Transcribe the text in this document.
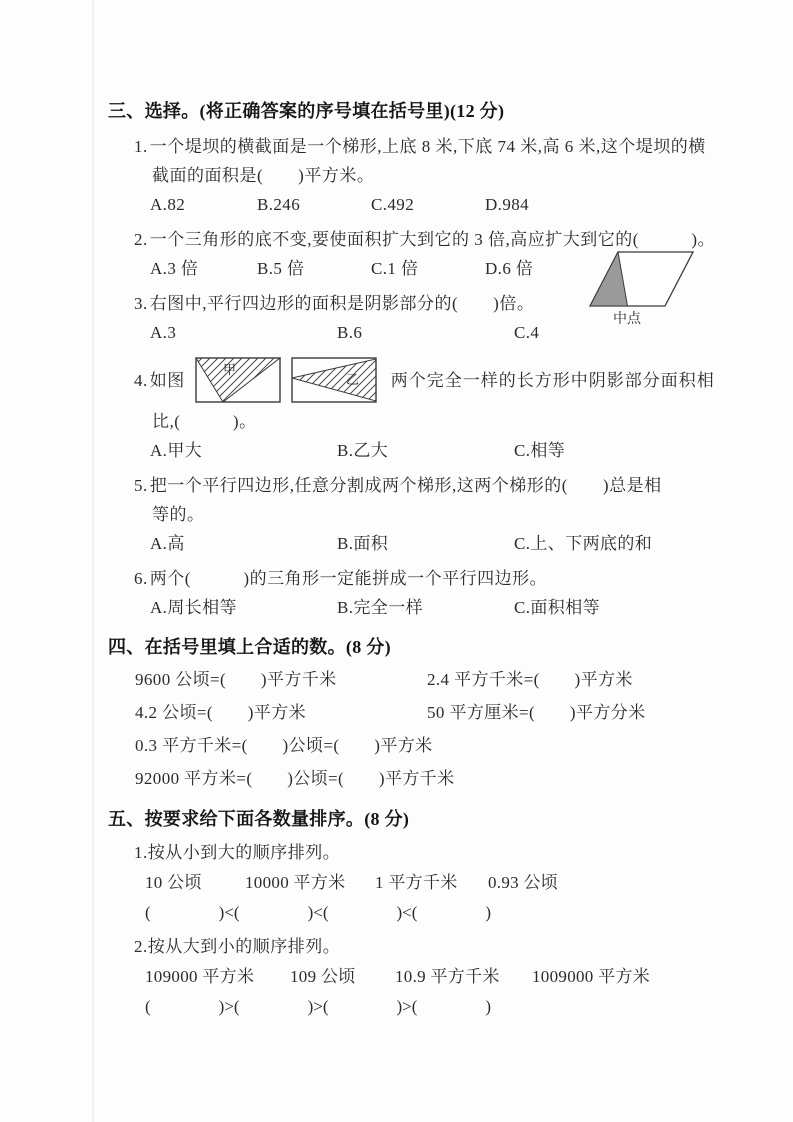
三、选择。(将正确答案的序号填在括号里)(12 分)
1. 一个堤坝的横截面是一个梯形,上底 8 米,下底 74 米,高 6 米,这个堤坝的横
截面的面积是(　　)平方米。
A.82	B.246	C.492	D.984
2. 一个三角形的底不变,要使面积扩大到它的 3 倍,高应扩大到它的(　　　)。
A.3 倍	B.5 倍	C.1 倍	D.6 倍
3. 右图中,平行四边形的面积是阴影部分的(　　)倍。
A.3	B.6	C.4
中点
4. 如图
甲
乙 两个完全一样的长方形中阴影部分面积相
比,(　　　)。
A.甲大	B.乙大	C.相等
5. 把一个平行四边形,任意分割成两个梯形,这两个梯形的(　　)总是相
等的。
A.高	B.面积	C.上、下两底的和
6. 两个(　　　)的三角形一定能拼成一个平行四边形。
A.周长相等	B.完全一样	C.面积相等
四、在括号里填上合适的数。(8 分)
9600 公顷=(　　)平方千米	2.4 平方千米=(　　)平方米
4.2 公顷=(　　)平方米	50 平方厘米=(　　)平方分米
0.3 平方千米=(　　)公顷=(　　)平方米
92000 平方米=(　　)公顷=(　　)平方千米
五、按要求给下面各数量排序。(8 分)
1.按从小到大的顺序排列。
10 公顷	10000 平方米	1 平方千米	0.93 公顷
(　　　　)<(　　　　)<(　　　　)<(　　　　)
2.按从大到小的顺序排列。
109000 平方米	109 公顷	10.9 平方千米	1009000 平方米
(　　　　)>(　　　　)>(　　　　)>(　　　　)
